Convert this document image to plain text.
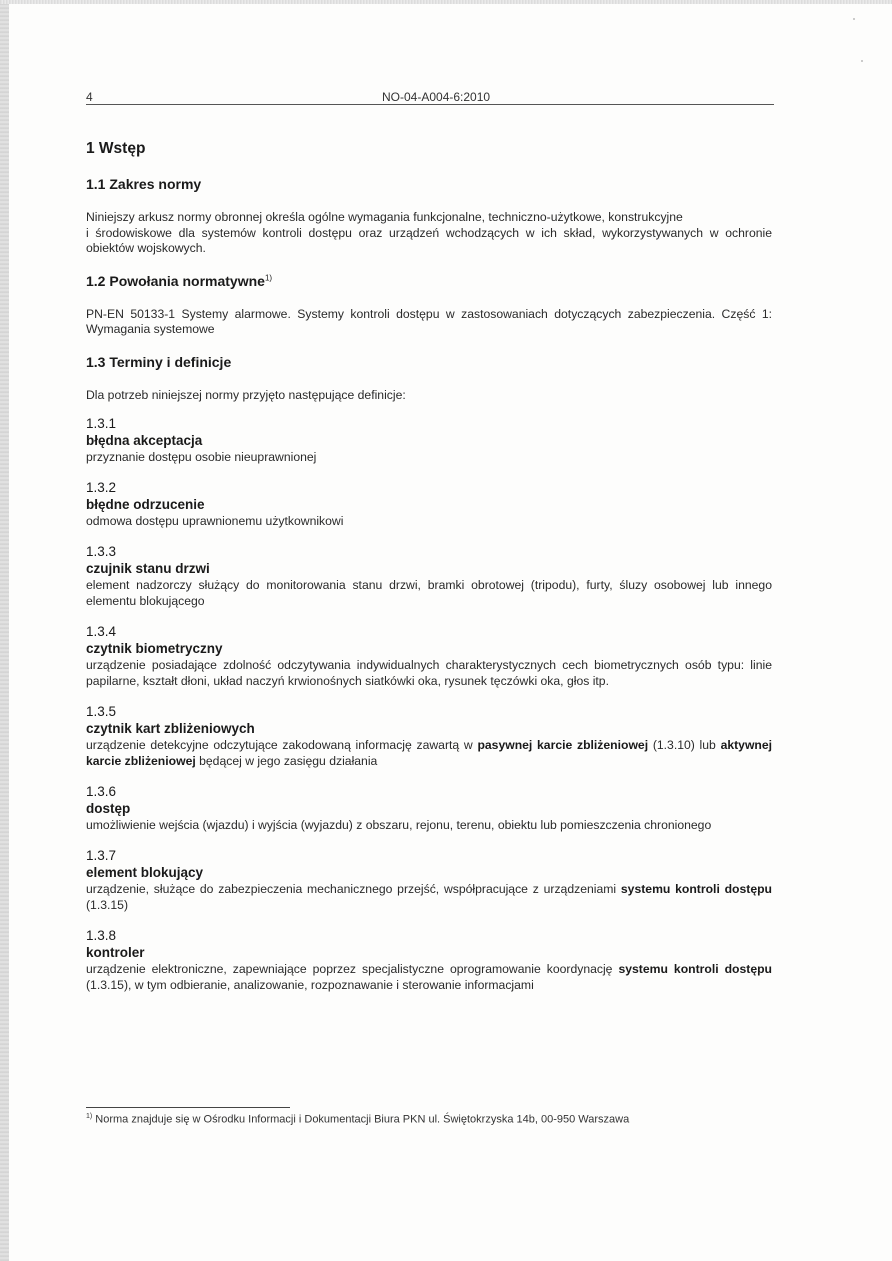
4	NO-04-A004-6:2010
1 Wstęp
1.1 Zakres normy

Niniejszy arkusz normy obronnej określa ogólne wymagania funkcjonalne, techniczno-użytkowe, konstrukcyjne
i środowiskowe dla systemów kontroli dostępu oraz urządzeń wchodzących w ich skład, wykorzystywanych w ochronie obiektów wojskowych.

1.2 Powołania normatywne$^{1)}$

PN-EN 50133-1 Systemy alarmowe. Systemy kontroli dostępu w zastosowaniach dotyczących zabezpieczenia. Część 1: Wymagania systemowe

1.3 Terminy i definicje

Dla potrzeb niniejszej normy przyjęto następujące definicje:

1.3.1
błędna akceptacja
przyznanie dostępu osobie nieuprawnionej
1.3.2
błędne odrzucenie
odmowa dostępu uprawnionemu użytkownikowi
1.3.3
czujnik stanu drzwi
element nadzorczy służący do monitorowania stanu drzwi, bramki obrotowej (tripodu), furty, śluzy osobowej lub innego elementu blokującego
1.3.4
czytnik biometryczny
urządzenie posiadające zdolność odczytywania indywidualnych charakterystycznych cech biometrycznych osób typu: linie papilarne, kształt dłoni, układ naczyń krwionośnych siatkówki oka, rysunek tęczówki oka, głos itp.
1.3.5
czytnik kart zbliżeniowych
urządzenie detekcyjne odczytujące zakodowaną informację zawartą w pasywnej karcie zbliżeniowej (1.3.10) lub aktywnej karcie zbliżeniowej będącej w jego zasięgu działania
1.3.6
dostęp
umożliwienie wejścia (wjazdu) i wyjścia (wyjazdu) z obszaru, rejonu, terenu, obiektu lub pomieszczenia chronionego
1.3.7
element blokujący
urządzenie, służące do zabezpieczenia mechanicznego przejść, współpracujące z urządzeniami systemu kontroli dostępu (1.3.15)
1.3.8
kontroler
urządzenie elektroniczne, zapewniające poprzez specjalistyczne oprogramowanie koordynację systemu kontroli dostępu (1.3.15), w tym odbieranie, analizowanie, rozpoznawanie i sterowanie informacjami
$^{1)}$ Norma znajduje się w Ośrodku Informacji i Dokumentacji Biura PKN ul. Świętokrzyska 14b, 00-950 Warszawa
